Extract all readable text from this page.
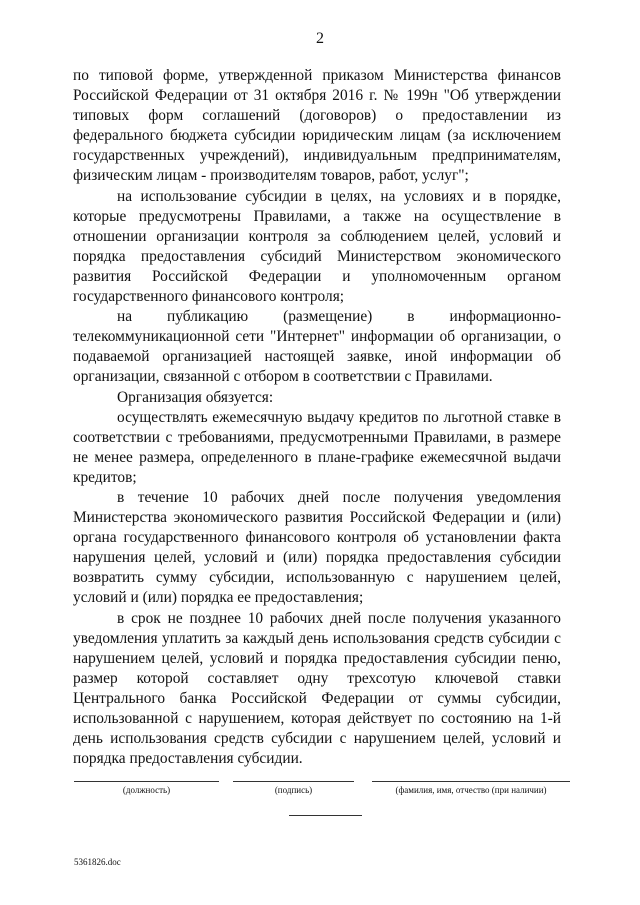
2

по типовой форме, утвержденной приказом Министерства финансов Российской Федерации от 31 октября 2016 г. № 199н "Об утверждении типовых форм соглашений (договоров) о предоставлении из федерального бюджета субсидии юридическим лицам (за исключением государственных учреждений), индивидуальным предпринимателям, физическим лицам - производителям товаров, работ, услуг";

на использование субсидии в целях, на условиях и в порядке, которые предусмотрены Правилами, а также на осуществление в отношении организации контроля за соблюдением целей, условий и порядка предоставления субсидий Министерством экономического развития Российской Федерации и уполномоченным органом государственного финансового контроля;

на публикацию (размещение) в информационно-телекоммуникационной сети "Интернет" информации об организации, о подаваемой организацией настоящей заявке, иной информации об организации, связанной с отбором в соответствии с Правилами.

Организация обязуется:

осуществлять ежемесячную выдачу кредитов по льготной ставке в соответствии с требованиями, предусмотренными Правилами, в размере не менее размера, определенного в плане-графике ежемесячной выдачи кредитов;

в течение 10 рабочих дней после получения уведомления Министерства экономического развития Российской Федерации и (или) органа государственного финансового контроля об установлении факта нарушения целей, условий и (или) порядка предоставления субсидии возвратить сумму субсидии, использованную с нарушением целей, условий и (или) порядка ее предоставления;

в срок не позднее 10 рабочих дней после получения указанного уведомления уплатить за каждый день использования средств субсидии с нарушением целей, условий и порядка предоставления субсидии пеню, размер которой составляет одну трехсотую ключевой ставки Центрального банка Российской Федерации от суммы субсидии, использованной с нарушением, которая действует по состоянию на 1-й день использования средств субсидии с нарушением целей, условий и порядка предоставления субсидии.

(должность)	(подпись)	(фамилия, имя, отчество (при наличии)
5361826.doc
